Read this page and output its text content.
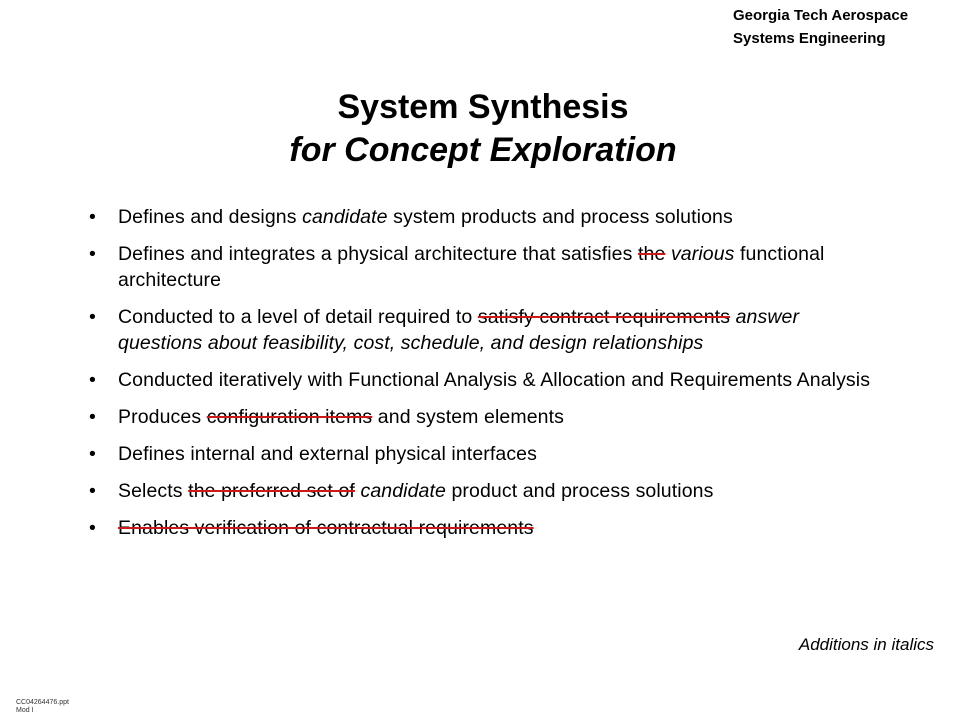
Georgia Tech Aerospace
Systems Engineering
System Synthesis
for Concept Exploration
• Defines and designs candidate system products and process solutions
• Defines and integrates a physical architecture that satisfies the various functional architecture
• Conducted to a level of detail required to satisfy contract requirements answer questions about feasibility, cost, schedule, and design relationships
• Conducted iteratively with Functional Analysis & Allocation and Requirements Analysis
• Produces configuration items and system elements
• Defines internal and external physical interfaces
• Selects the preferred set of candidate product and process solutions
• Enables verification of contractual requirements
Additions in italics
CC04264476.ppt
Mod I
